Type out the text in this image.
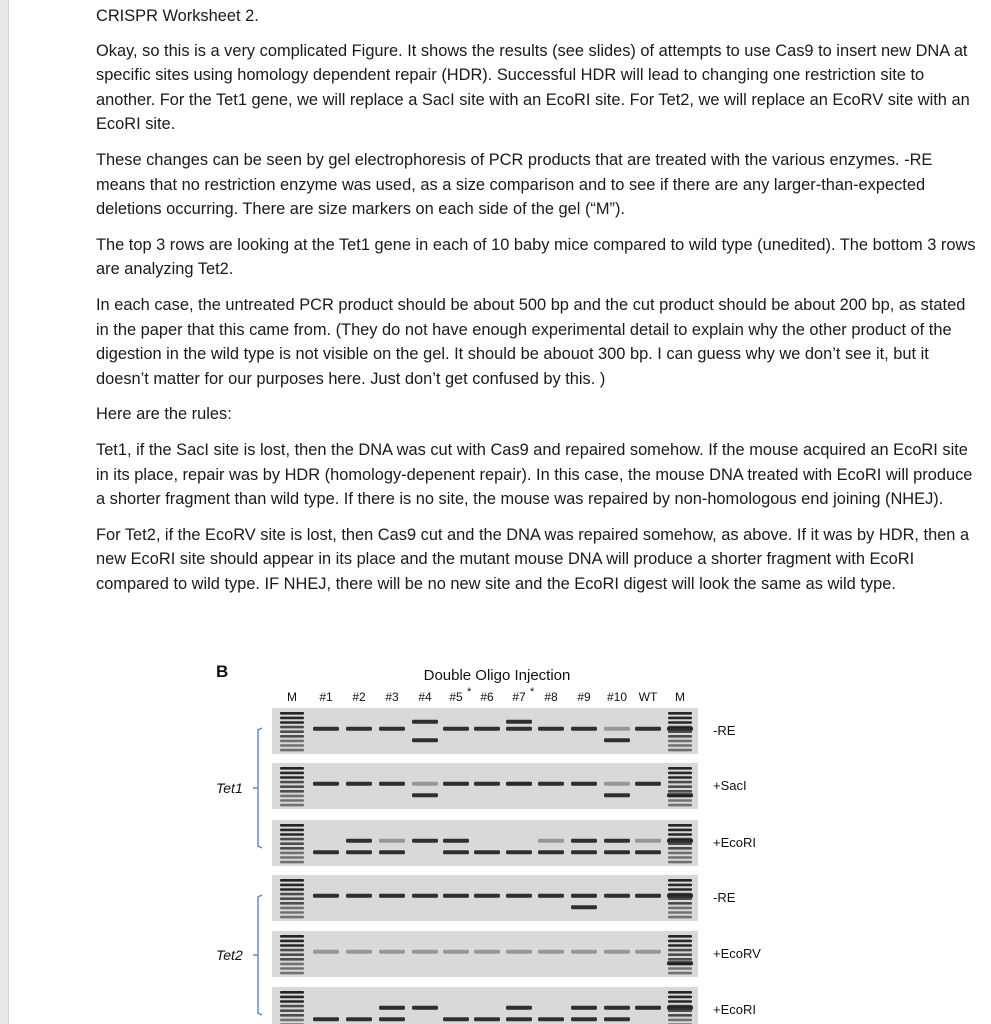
CRISPR Worksheet 2.

Okay, so this is a very complicated Figure. It shows the results (see slides) of attempts to use Cas9 to insert new DNA at specific sites using homology dependent repair (HDR). Successful HDR will lead to changing one restriction site to another. For the Tet1 gene, we will replace a SacI site with an EcoRI site. For Tet2, we will replace an EcoRV site with an EcoRI site.

These changes can be seen by gel electrophoresis of PCR products that are treated with the various enzymes. -RE means that no restriction enzyme was used, as a size comparison and to see if there are any larger-than-expected deletions occurring. There are size markers on each side of the gel (“M”).

The top 3 rows are looking at the Tet1 gene in each of 10 baby mice compared to wild type (unedited). The bottom 3 rows are analyzing Tet2.

In each case, the untreated PCR product should be about 500 bp and the cut product should be about 200 bp, as stated in the paper that this came from. (They do not have enough experimental detail to explain why the other product of the digestion in the wild type is not visible on the gel. It should be abouot 300 bp. I can guess why we don’t see it, but it doesn’t matter for our purposes here. Just don’t get confused by this. )

Here are the rules:

Tet1, if the SacI site is lost, then the DNA was cut with Cas9 and repaired somehow. If the mouse acquired an EcoRI site in its place, repair was by HDR (homology-depenent repair). In this case, the mouse DNA treated with EcoRI will produce a shorter fragment than wild type. If there is no site, the mouse was repaired by non-homologous end joining (NHEJ).

For Tet2, if the EcoRV site is lost, then Cas9 cut and the DNA was repaired somehow, as above. If it was by HDR, then a new EcoRI site should appear in its place and the mutant mouse DNA will produce a shorter fragment with EcoRI compared to wild type. IF NHEJ, there will be no new site and the EcoRI digest will look the same as wild type.

B	Double Oligo Injection
M #1 #2 #3 #4 #5 * #6 #7 * #8 #9 #10 WT M
-RE
+SacI
+EcoRI
-RE
+EcoRV
+EcoRI
Tet1
Tet2
